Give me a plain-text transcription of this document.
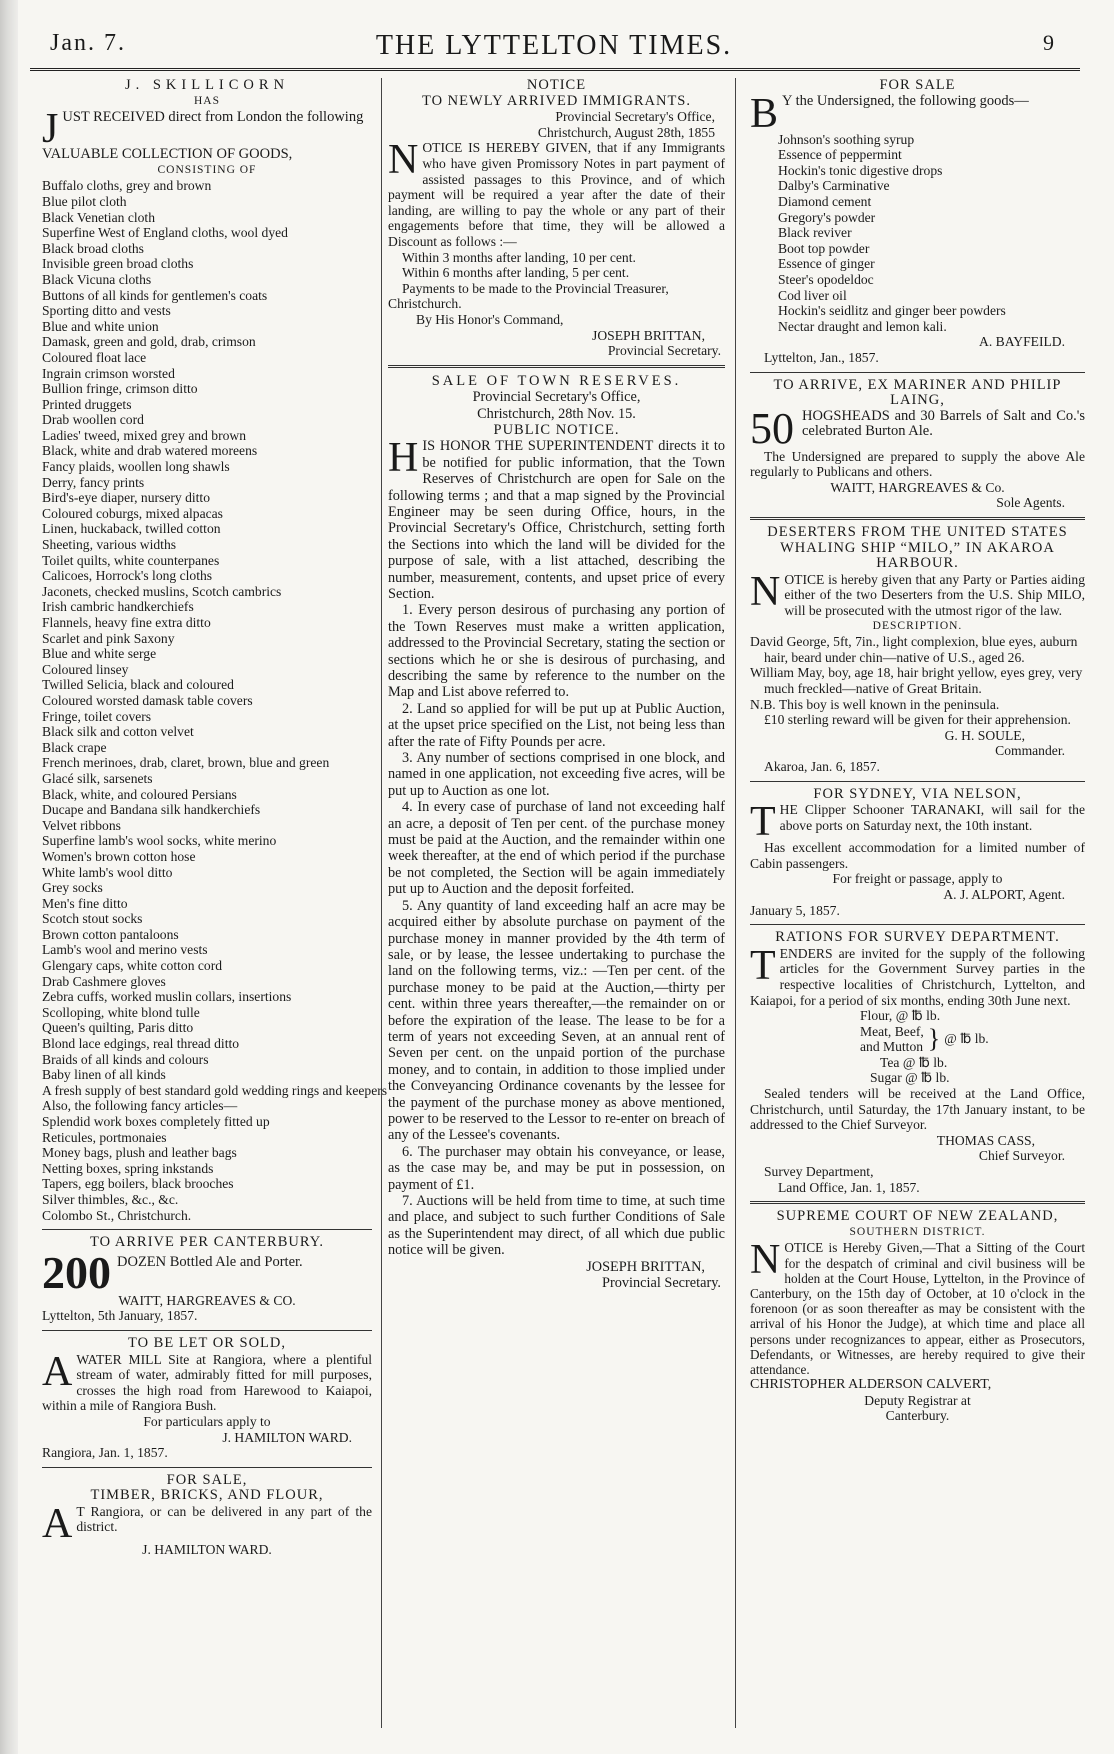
Jan. 7.	THE LYTTELTON TIMES.	9
J. SKILLICORN
HAS
JUST RECEIVED direct from London the following
VALUABLE COLLECTION OF GOODS,
CONSISTING OF
Buffalo cloths, grey and brown
Blue pilot cloth
Black Venetian cloth
Superfine West of England cloths, wool dyed
Black broad cloths
Invisible green broad cloths
Black Vicuna cloths
Buttons of all kinds for gentlemen's coats
Sporting ditto and vests
Blue and white union
Damask, green and gold, drab, crimson
Coloured float lace
Ingrain crimson worsted
Bullion fringe, crimson ditto
Printed druggets
Drab woollen cord
Ladies' tweed, mixed grey and brown
Black, white and drab watered moreens
Fancy plaids, woollen long shawls
Derry, fancy prints
Bird's-eye diaper, nursery ditto
Coloured coburgs, mixed alpacas
Linen, huckaback, twilled cotton
Sheeting, various widths
Toilet quilts, white counterpanes
Calicoes, Horrock's long cloths
Jaconets, checked muslins, Scotch cambrics
Irish cambric handkerchiefs
Flannels, heavy fine extra ditto
Scarlet and pink Saxony
Blue and white serge
Coloured linsey
Twilled Selicia, black and coloured
Coloured worsted damask table covers
Fringe, toilet covers
Black silk and cotton velvet
Black crape
French merinoes, drab, claret, brown, blue and green
Glacé silk, sarsenets
Black, white, and coloured Persians
Ducape and Bandana silk handkerchiefs
Velvet ribbons
Superfine lamb's wool socks, white merino
Women's brown cotton hose
White lamb's wool ditto
Grey socks
Men's fine ditto
Scotch stout socks
Brown cotton pantaloons
Lamb's wool and merino vests
Glengary caps, white cotton cord
Drab Cashmere gloves
Zebra cuffs, worked muslin collars, insertions
Scolloping, white blond tulle
Queen's quilting, Paris ditto
Blond lace edgings, real thread ditto
Braids of all kinds and colours
Baby linen of all kinds
A fresh supply of best standard gold wedding rings and keepers
Also, the following fancy articles—
Splendid work boxes completely fitted up
Reticules, portmonaies
Money bags, plush and leather bags
Netting boxes, spring inkstands
Tapers, egg boilers, black brooches
Silver thimbles, &c., &c.
Colombo St., Christchurch.
TO ARRIVE PER CANTERBURY.
200 DOZEN Bottled Ale and Porter.
WAITT, HARGREAVES & CO.
Lyttelton, 5th January, 1857.
TO BE LET OR SOLD,
AWATER MILL Site at Rangiora, where a plentiful stream of water, admirably fitted for mill purposes, crosses the high road from Harewood to Kaiapoi, within a mile of Rangiora Bush.
For particulars apply to
J. HAMILTON WARD.
Rangiora, Jan. 1, 1857.
FOR SALE,
TIMBER, BRICKS, AND FLOUR,
A T Rangiora, or can be delivered in any part of the district.
J. HAMILTON WARD.
NOTICE
TO NEWLY ARRIVED IMMIGRANTS.
Provincial Secretary's Office,
Christchurch, August 28th, 1855
NOTICE IS HEREBY GIVEN, that if any Immigrants who have given Promissory Notes in part payment of assisted passages to this Province, and of which payment will be required a year after the date of their landing, are willing to pay the whole or any part of their engagements before that time, they will be allowed a Discount as follows :—
Within 3 months after landing, 10 per cent.
Within 6 months after landing, 5 per cent.
Payments to be made to the Provincial Treasurer, Christchurch.
By His Honor's Command,
JOSEPH BRITTAN,
Provincial Secretary.
SALE OF TOWN RESERVES.
Provincial Secretary's Office,
Christchurch, 28th Nov. 15.
PUBLIC NOTICE.
HIS HONOR THE SUPERINTENDENT directs it to be notified for public information, that the Town Reserves of Christchurch are open for Sale on the following terms ; and that a map signed by the Provincial Engineer may be seen during Office, hours, in the Provincial Secretary's Office, Christchurch, setting forth the Sections into which the land will be divided for the purpose of sale, with a list attached, describing the number, measurement, contents, and upset price of every Section.
1. Every person desirous of purchasing any portion of the Town Reserves must make a written application, addressed to the Provincial Secretary, stating the section or sections which he or she is desirous of purchasing, and describing the same by reference to the number on the Map and List above referred to.
2. Land so applied for will be put up at Public Auction, at the upset price specified on the List, not being less than after the rate of Fifty Pounds per acre.
3. Any number of sections comprised in one block, and named in one application, not exceeding five acres, will be put up to Auction as one lot.
4. In every case of purchase of land not exceeding half an acre, a deposit of Ten per cent. of the purchase money must be paid at the Auction, and the remainder within one week thereafter, at the end of which period if the purchase be not completed, the Section will be again immediately put up to Auction and the deposit forfeited.
5. Any quantity of land exceeding half an acre may be acquired either by absolute purchase on payment of the purchase money in manner provided by the 4th term of sale, or by lease, the lessee undertaking to purchase the land on the following terms, viz.: —Ten per cent. of the purchase money to be paid at the Auction,—thirty per cent. within three years thereafter,—the remainder on or before the expiration of the lease. The lease to be for a term of years not exceeding Seven, at an annual rent of Seven per cent. on the unpaid portion of the purchase money, and to contain, in addition to those implied under the Conveyancing Ordinance covenants by the lessee for the payment of the purchase money as above mentioned, power to be reserved to the Lessor to re-enter on breach of any of the Lessee's covenants.
6. The purchaser may obtain his conveyance, or lease, as the case may be, and may be put in possession, on payment of £1.
7. Auctions will be held from time to time, at such time and place, and subject to such further Conditions of Sale as the Superintendent may direct, of all which due public notice will be given.
JOSEPH BRITTAN,
Provincial Secretary.
FOR SALE
B Y the Undersigned, the following goods—
Johnson's soothing syrup
Essence of peppermint
Hockin's tonic digestive drops
Dalby's Carminative
Diamond cement
Gregory's powder
Black reviver
Boot top powder
Essence of ginger
Steer's opodeldoc
Cod liver oil
Hockin's seidlitz and ginger beer powders
Nectar draught and lemon kali.
A. BAYFEILD.
Lyttelton, Jan., 1857.
TO ARRIVE, EX MARINER AND PHILIP LAING,
50 HOGSHEADS and 30 Barrels of Salt and Co.'s celebrated Burton Ale.
The Undersigned are prepared to supply the above Ale regularly to Publicans and others.
WAITT, HARGREAVES & Co.
Sole Agents.
DESERTERS FROM THE UNITED STATES WHALING SHIP “MILO,” IN AKAROA HARBOUR.
NOTICE is hereby given that any Party or Parties aiding either of the two Deserters from the U.S. Ship MILO, will be prosecuted with the utmost rigor of the law.
DESCRIPTION.
David George, 5ft, 7in., light complexion, blue eyes, auburn hair, beard under chin—native of U.S., aged 26.
William May, boy, age 18, hair bright yellow, eyes grey, very much freckled—native of Great Britain.
N.B. This boy is well known in the peninsula.
£10 sterling reward will be given for their apprehension.
G. H. SOULE,
Commander.
Akaroa, Jan. 6, 1857.
FOR SYDNEY, VIA NELSON,
THE Clipper Schooner TARANAKI, will sail for the above ports on Saturday next, the 10th instant.
Has excellent accommodation for a limited number of Cabin passengers.
For freight or passage, apply to
A. J. ALPORT, Agent.
January 5, 1857.
RATIONS FOR SURVEY DEPARTMENT.
TENDERS are invited for the supply of the following articles for the Government Survey parties in the respective localities of Christchurch, Lyttelton, and Kaiapoi, for a period of six months, ending 30th June next.
Flour, @ ℔ lb.
Meat, Beef,
and Mutton } @ ℔ lb.
Tea @ ℔ lb.
Sugar @ ℔ lb.
Sealed tenders will be received at the Land Office, Christchurch, until Saturday, the 17th January instant, to be addressed to the Chief Surveyor.
THOMAS CASS,
Chief Surveyor.
Survey Department,
Land Office, Jan. 1, 1857.
SUPREME COURT OF NEW ZEALAND,
SOUTHERN DISTRICT.
NOTICE is Hereby Given,—That a Sitting of the Court for the despatch of criminal and civil business will be holden at the Court House, Lyttelton, in the Province of Canterbury, on the 15th day of October, at 10 o'clock in the forenoon (or as soon thereafter as may be consistent with the arrival of his Honor the Judge), at which time and place all persons under recognizances to appear, either as Prosecutors, Defendants, or Witnesses, are hereby required to give their attendance.
CHRISTOPHER ALDERSON CALVERT,
Deputy Registrar at
Canterbury.
